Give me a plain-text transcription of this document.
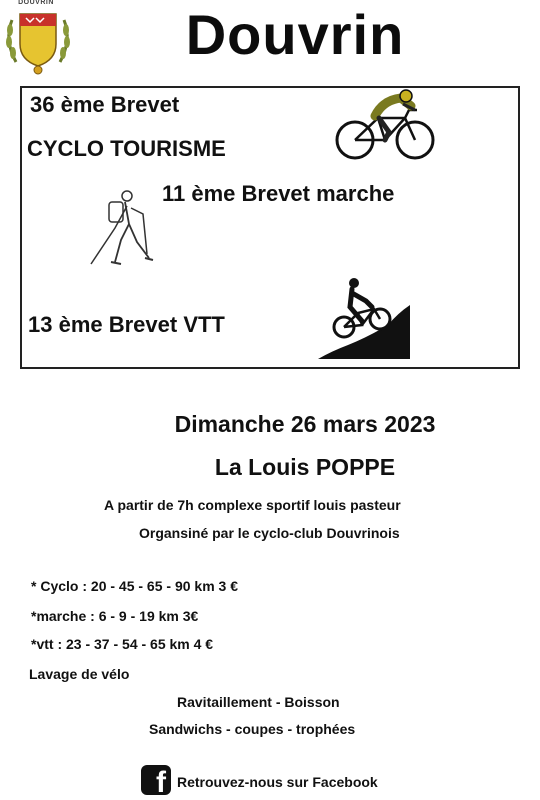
DOUVRIN
Douvrin
36 ème Brevet
CYCLO TOURISME
11 ème Brevet marche
13 ème Brevet VTT
Dimanche 26 mars 2023
La Louis POPPE
A partir de 7h complexe sportif louis pasteur
Organsiné par le cyclo-club Douvrinois
* Cyclo : 20 - 45 - 65 - 90 km 3 €
*marche : 6 - 9 - 19 km 3€
*vtt : 23 - 37 - 54 - 65 km 4 €
Lavage de vélo
Ravitaillement - Boisson
Sandwichs - coupes - trophées
f Retrouvez-nous sur Facebook
